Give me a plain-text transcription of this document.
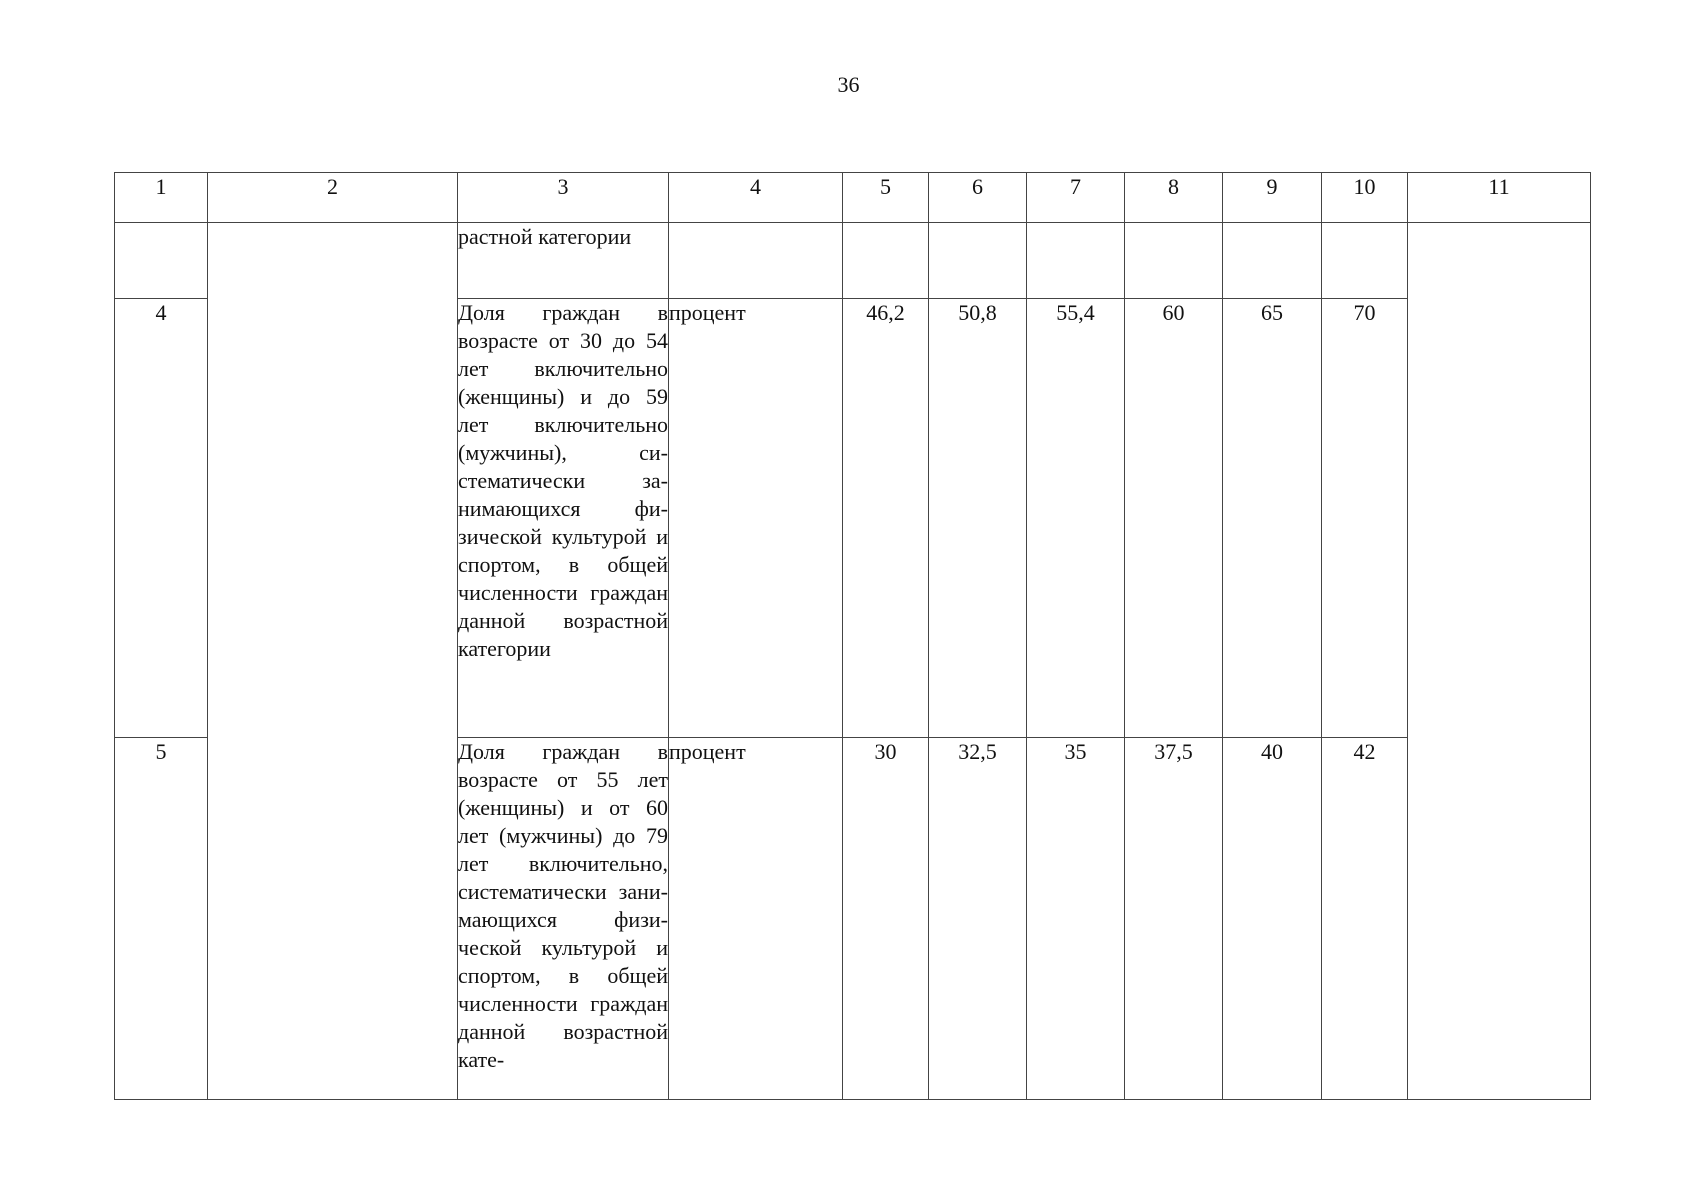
36
1	2	3	4	5	6	7	8	9	10	11
		растной категории								
4		Доля граждан в возрасте от 30 до 54 лет включительно (женщины) и до 59 лет включительно (мужчины), систематически занимающихся физической культурой и спортом, в общей численности граждан данной возрастной категории	процент	46,2	50,8	55,4	60	65	70	
5		Доля граждан в возрасте от 55 лет (женщины) и от 60 лет (мужчины) до 79 лет включительно, систематически занимающихся физической культурой и спортом, в общей численности граждан данной возрастной кате-	процент	30	32,5	35	37,5	40	42	
